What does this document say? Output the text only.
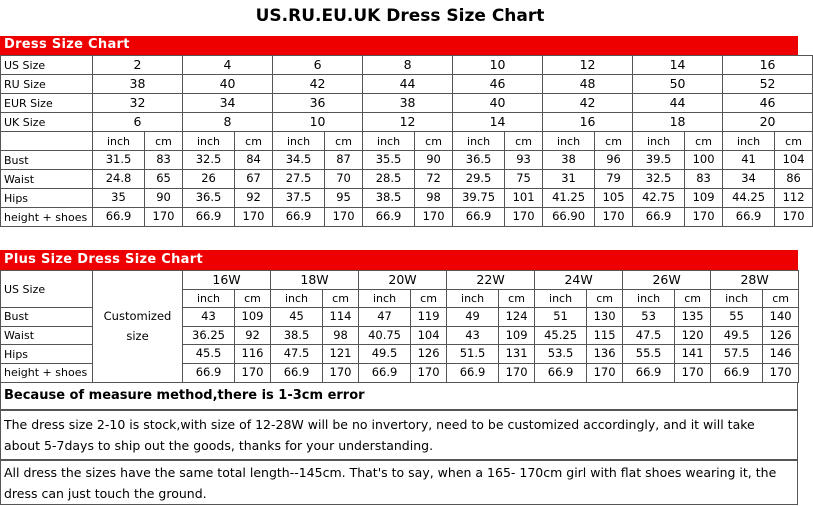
US.RU.EU.UK Dress Size Chart
Dress Size Chart
US Size	2		4		6		8		10		12		14		16	
RU Size	38		40		42		44		46		48		50		52	
EUR Size	32		34		36		38		40		42		44		46	
UK Size	6		8		10		12		14		16		18		20	
	inch	cm	inch	cm	inch	cm	inch	cm	inch	cm	inch	cm	inch	cm	inch	cm
Bust	31.5	83	32.5	84	34.5	87	35.5	90	36.5	93	38	96	39.5	100	41	104
Waist	24.8	65	26	67	27.5	70	28.5	72	29.5	75	31	79	32.5	83	34	86
Hips	35	90	36.5	92	37.5	95	38.5	98	39.75	101	41.25	105	42.75	109	44.25	112
height + shoes	66.9	170	66.9	170	66.9	170	66.9	170	66.9	170	66.90	170	66.9	170	66.9	170
Plus Size Dress Size Chart
US Size	Customized size	16W		18W		20W		22W		24W		26W		28W	
		inch	cm	inch	cm	inch	cm	inch	cm	inch	cm	inch	cm	inch	cm
Bust		43	109	45	114	47	119	49	124	51	130	53	135	55	140
Waist		36.25	92	38.5	98	40.75	104	43	109	45.25	115	47.5	120	49.5	126
Hips		45.5	116	47.5	121	49.5	126	51.5	131	53.5	136	55.5	141	57.5	146
height + shoes		66.9	170	66.9	170	66.9	170	66.9	170	66.9	170	66.9	170	66.9	170
Because of measure method,there is 1-3cm error
The dress size 2-10 is stock,with size of 12-28W will be no invertory, need to be customized accordingly, and it will take about 5-7days to ship out the goods, thanks for your understanding.
All dress the sizes have the same total length--145cm. That's to say, when a 165- 170cm girl with flat shoes wearing it, the dress can just touch the ground.
